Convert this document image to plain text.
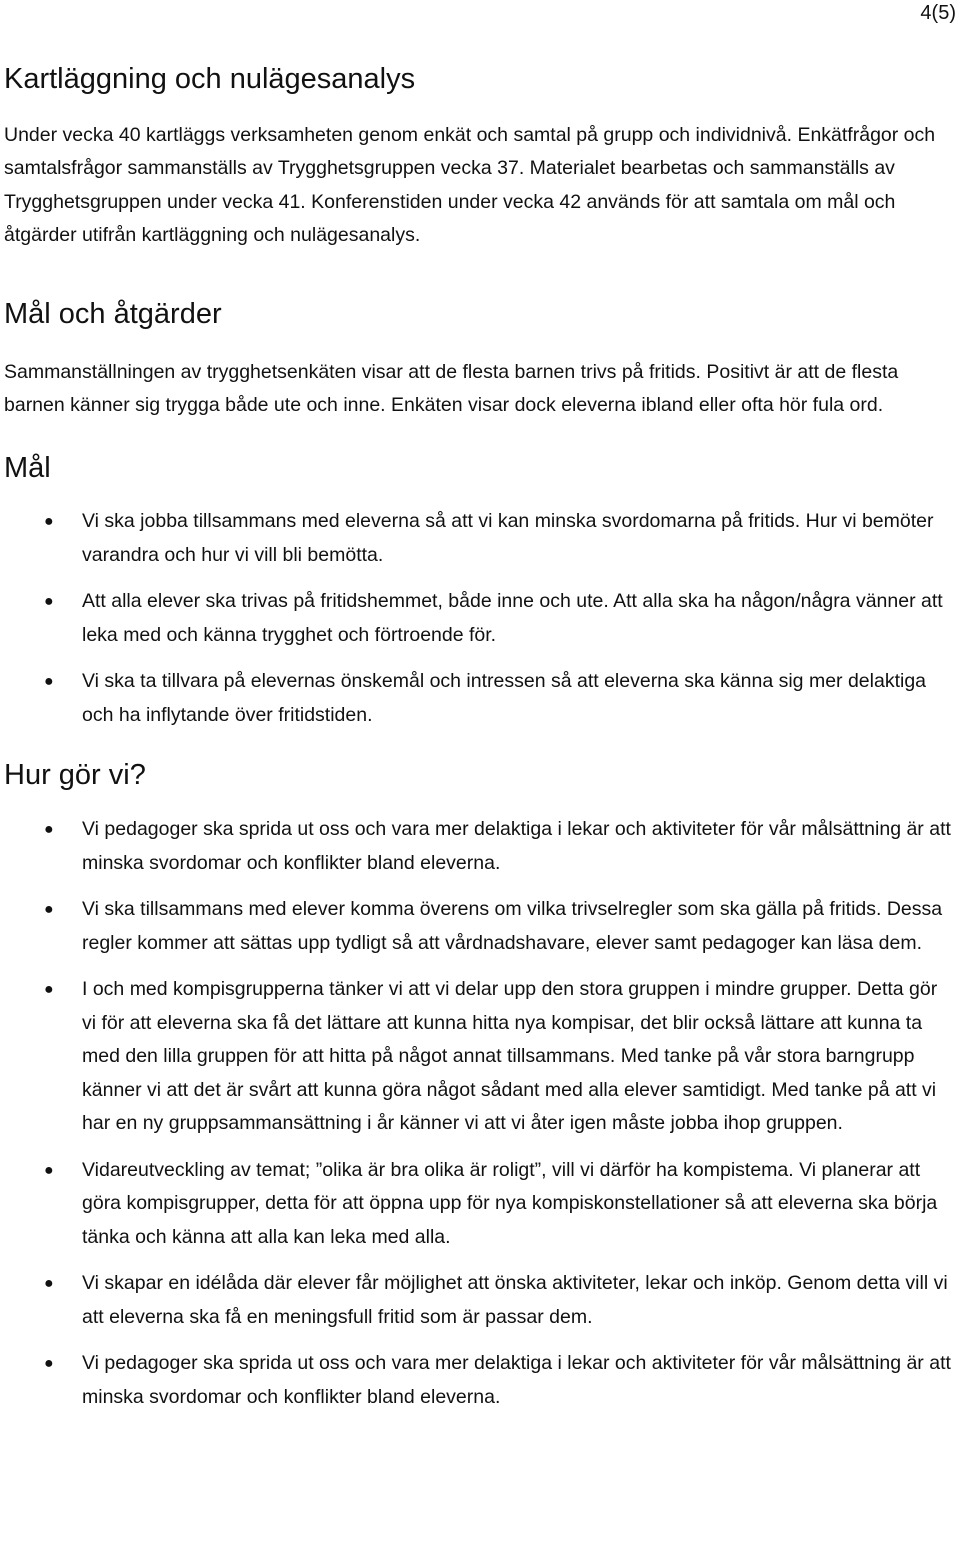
4(5)
Kartläggning och nulägesanalys

Under vecka 40 kartläggs verksamheten genom enkät och samtal på grupp och individnivå. Enkätfrågor och samtalsfrågor sammanställs av Trygghetsgruppen vecka 37. Materialet bearbetas och sammanställs av Trygghetsgruppen under vecka 41. Konferenstiden under vecka 42 används för att samtala om mål och åtgärder utifrån kartläggning och nulägesanalys.

Mål och åtgärder

Sammanställningen av trygghetsenkäten visar att de flesta barnen trivs på fritids. Positivt är att de flesta barnen känner sig trygga både ute och inne. Enkäten visar dock eleverna ibland eller ofta hör fula ord.

Mål
● Vi ska jobba tillsammans med eleverna så att vi kan minska svordomarna på fritids. Hur vi bemöter varandra och hur vi vill bli bemötta.
● Att alla elever ska trivas på fritidshemmet, både inne och ute. Att alla ska ha någon/några vänner att leka med och känna trygghet och förtroende för.
● Vi ska ta tillvara på elevernas önskemål och intressen så att eleverna ska känna sig mer delaktiga och ha inflytande över fritidstiden.
Hur gör vi?
● Vi pedagoger ska sprida ut oss och vara mer delaktiga i lekar och aktiviteter för vår målsättning är att minska svordomar och konflikter bland eleverna.
● Vi ska tillsammans med elever komma överens om vilka trivselregler som ska gälla på fritids. Dessa regler kommer att sättas upp tydligt så att vårdnadshavare, elever samt pedagoger kan läsa dem.
● I och med kompisgrupperna tänker vi att vi delar upp den stora gruppen i mindre grupper. Detta gör vi för att eleverna ska få det lättare att kunna hitta nya kompisar, det blir också lättare att kunna ta med den lilla gruppen för att hitta på något annat tillsammans. Med tanke på vår stora barngrupp känner vi att det är svårt att kunna göra något sådant med alla elever samtidigt. Med tanke på att vi har en ny gruppsammansättning i år känner vi att vi åter igen måste jobba ihop gruppen.
● Vidareutveckling av temat; ”olika är bra olika är roligt”, vill vi därför ha kompistema. Vi planerar att göra kompisgrupper, detta för att öppna upp för nya kompiskonstellationer så att eleverna ska börja tänka och känna att alla kan leka med alla.
● Vi skapar en idélåda där elever får möjlighet att önska aktiviteter, lekar och inköp. Genom detta vill vi att eleverna ska få en meningsfull fritid som är passar dem.
● Vi pedagoger ska sprida ut oss och vara mer delaktiga i lekar och aktiviteter för vår målsättning är att minska svordomar och konflikter bland eleverna.
